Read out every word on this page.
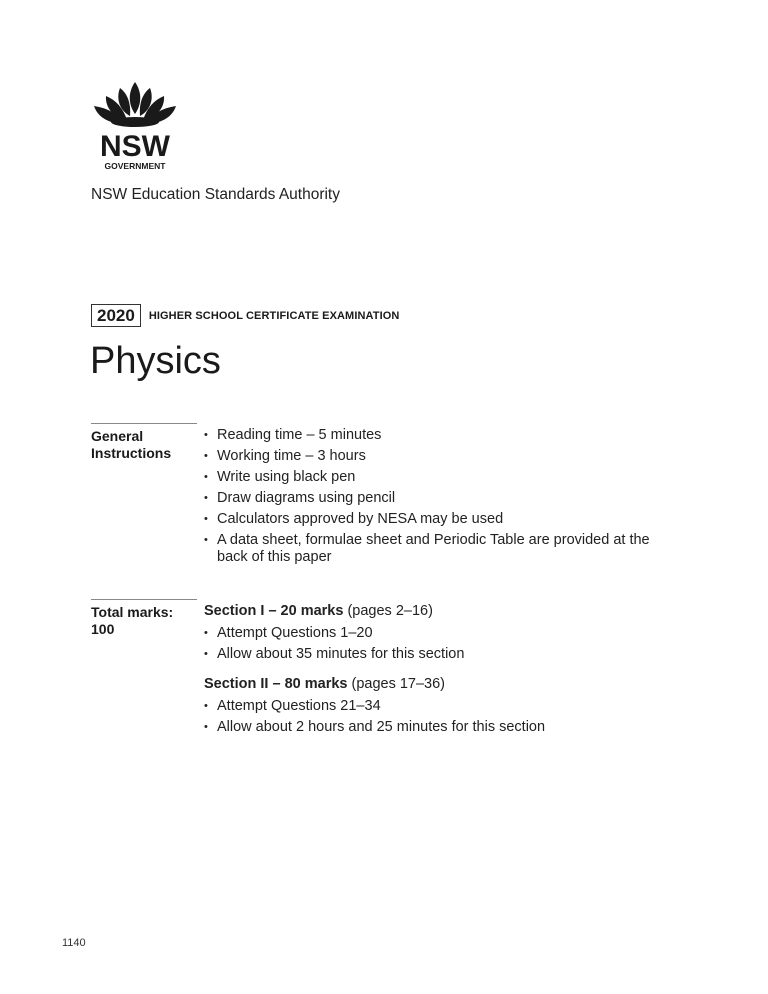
NSW
GOVERNMENT
NSW Education Standards Authority
2020	HIGHER SCHOOL CERTIFICATE EXAMINATION
Physics
General
Instructions
• Reading time – 5 minutes
• Working time – 3 hours
• Write using black pen
• Draw diagrams using pencil
• Calculators approved by NESA may be used
• A data sheet, formulae sheet and Periodic Table are provided at the back of this paper
Total marks:
100
Section I – 20 marks (pages 2–16)
• Attempt Questions 1–20
• Allow about 35 minutes for this section
Section II – 80 marks (pages 17–36)
• Attempt Questions 21–34
• Allow about 2 hours and 25 minutes for this section
1140
